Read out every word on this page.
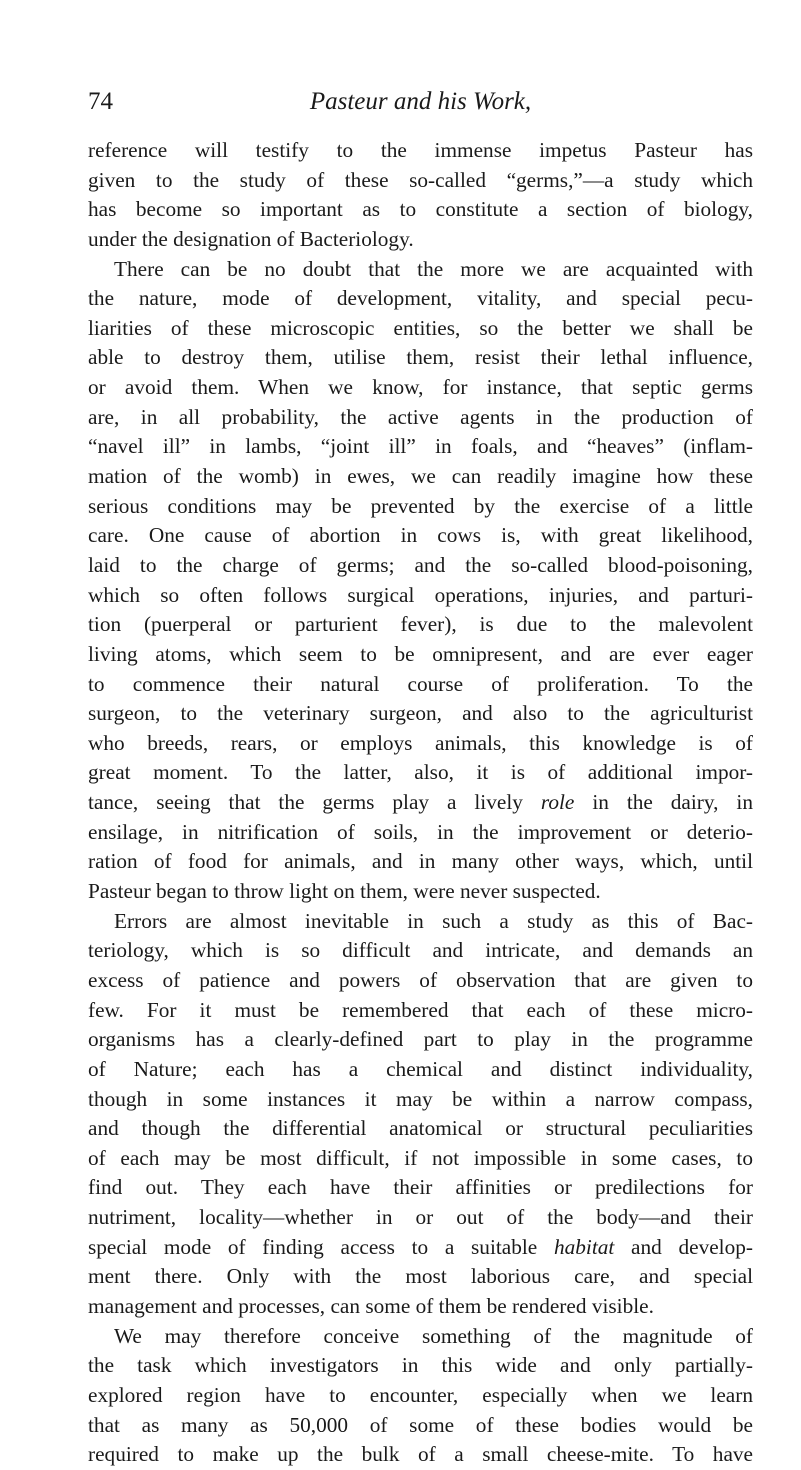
74	Pasteur and his Work,
reference will testify to the immense impetus Pasteur has
given to the study of these so-called “germs,”—a study which
has become so important as to constitute a section of biology,
under the designation of Bacteriology.
There can be no doubt that the more we are acquainted with
the nature, mode of development, vitality, and special pecu-
liarities of these microscopic entities, so the better we shall be
able to destroy them, utilise them, resist their lethal influence,
or avoid them. When we know, for instance, that septic germs
are, in all probability, the active agents in the production of
“navel ill” in lambs, “joint ill” in foals, and “heaves” (inflam-
mation of the womb) in ewes, we can readily imagine how these
serious conditions may be prevented by the exercise of a little
care. One cause of abortion in cows is, with great likelihood,
laid to the charge of germs; and the so-called blood-poisoning,
which so often follows surgical operations, injuries, and parturi-
tion (puerperal or parturient fever), is due to the malevolent
living atoms, which seem to be omnipresent, and are ever eager
to commence their natural course of proliferation. To the
surgeon, to the veterinary surgeon, and also to the agriculturist
who breeds, rears, or employs animals, this knowledge is of
great moment. To the latter, also, it is of additional impor-
tance, seeing that the germs play a lively role in the dairy, in
ensilage, in nitrification of soils, in the improvement or deterio-
ration of food for animals, and in many other ways, which, until
Pasteur began to throw light on them, were never suspected.
Errors are almost inevitable in such a study as this of Bac-
teriology, which is so difficult and intricate, and demands an
excess of patience and powers of observation that are given to
few. For it must be remembered that each of these micro-
organisms has a clearly-defined part to play in the programme
of Nature; each has a chemical and distinct individuality,
though in some instances it may be within a narrow compass,
and though the differential anatomical or structural peculiarities
of each may be most difficult, if not impossible in some cases, to
find out. They each have their affinities or predilections for
nutriment, locality—whether in or out of the body—and their
special mode of finding access to a suitable habitat and develop-
ment there. Only with the most laborious care, and special
management and processes, can some of them be rendered visible.
We may therefore conceive something of the magnitude of
the task which investigators in this wide and only partially-
explored region have to encounter, especially when we learn
that as many as 50,000 of some of these bodies would be
required to make up the bulk of a small cheese-mite. To have
